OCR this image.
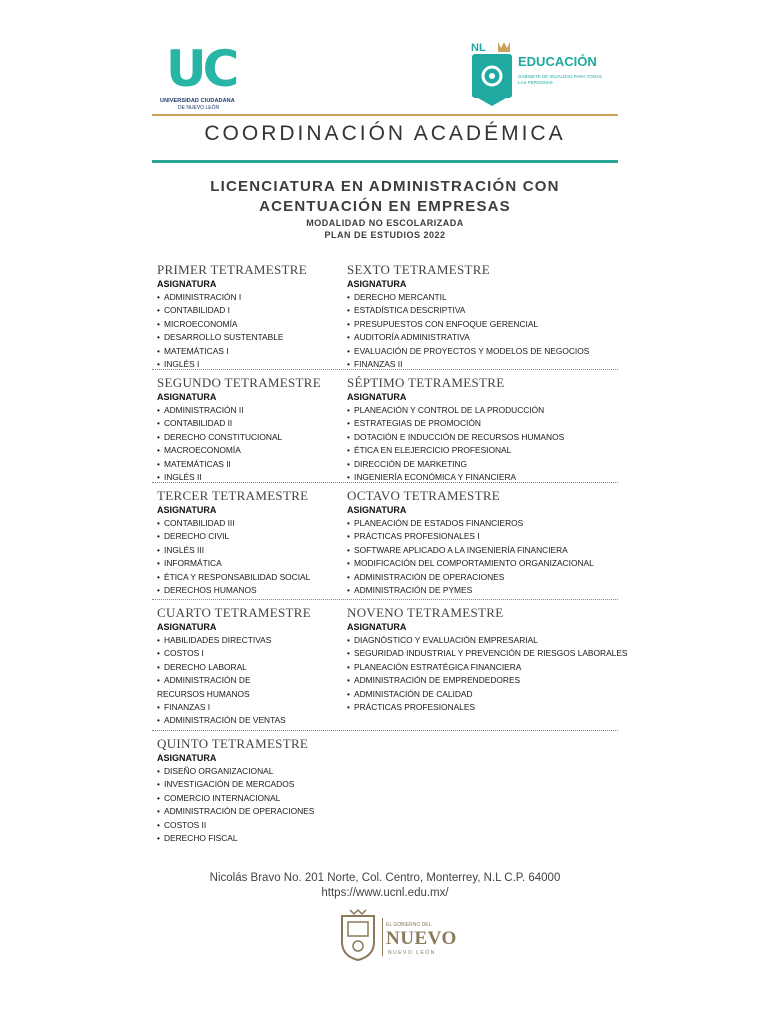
UC
UNIVERSIDAD CIUDADANA
DE NUEVO LEÓN
NL
EDUCACIÓN
GABINETE DE IGUALDAD PARA TODAS LAS PERSONAS
COORDINACIÓN ACADÉMICA
LICENCIATURA EN ADMINISTRACIÓN CON
ACENTUACIÓN EN EMPRESAS
MODALIDAD NO ESCOLARIZADA
PLAN DE ESTUDIOS 2022
PRIMER TETRAMESTRE
ASIGNATURA
• ADMINISTRACIÓN I
• CONTABILIDAD I
• MICROECONOMÍA
• DESARROLLO SUSTENTABLE
• MATEMÁTICAS I
• INGLÉS I
SEXTO TETRAMESTRE
ASIGNATURA
• DERECHO MERCANTIL
• ESTADÍSTICA DESCRIPTIVA
• PRESUPUESTOS CON ENFOQUE GERENCIAL
• AUDITORÍA ADMINISTRATIVA
• EVALUACIÓN DE PROYECTOS Y MODELOS DE NEGOCIOS
• FINANZAS II
SEGUNDO TETRAMESTRE
ASIGNATURA
• ADMINISTRACIÓN II
• CONTABILIDAD II
• DERECHO CONSTITUCIONAL
• MACROECONOMÍA
• MATEMÁTICAS II
• INGLÉS II
SÉPTIMO TETRAMESTRE
ASIGNATURA
• PLANEACIÓN Y CONTROL DE LA PRODUCCIÓN
• ESTRATEGIAS DE PROMOCIÓN
• DOTACIÓN E INDUCCIÓN DE RECURSOS HUMANOS
• ÉTICA EN ELEJERCICIO PROFESIONAL
• DIRECCIÓN DE MARKETING
• INGENIERÍA ECONÓMICA Y FINANCIERA
TERCER TETRAMESTRE
ASIGNATURA
• CONTABILIDAD III
• DERECHO CIVIL
• INGLÉS III
• INFORMÁTICA
• ÉTICA Y RESPONSABILIDAD SOCIAL
• DERECHOS HUMANOS
OCTAVO TETRAMESTRE
ASIGNATURA
• PLANEACIÓN DE ESTADOS FINANCIEROS
• PRÁCTICAS PROFESIONALES I
• SOFTWARE APLICADO A LA INGENIERÍA FINANCIERA
• MODIFICACIÓN DEL COMPORTAMIENTO ORGANIZACIONAL
• ADMINISTRACIÓN DE OPERACIONES
• ADMINISTRACIÓN DE PYMES
CUARTO TETRAMESTRE
ASIGNATURA
• HABILIDADES DIRECTIVAS
• COSTOS I
• DERECHO LABORAL
• ADMINISTRACIÓN DE
RECURSOS HUMANOS
• FINANZAS I
• ADMINISTRACIÓN DE VENTAS
NOVENO TETRAMESTRE
ASIGNATURA
• DIAGNÓSTICO Y EVALUACIÓN EMPRESARIAL
• SEGURIDAD INDUSTRIAL Y PREVENCIÓN DE RIESGOS LABORALES
• PLANEACIÓN ESTRATÉGICA FINANCIERA
• ADMINISTRACIÓN DE EMPRENDEDORES
• ADMINISTACIÓN DE CALIDAD
• PRÁCTICAS PROFESIONALES
QUINTO TETRAMESTRE
ASIGNATURA
• DISEÑO ORGANIZACIONAL
• INVESTIGACIÓN DE MERCADOS
• COMERCIO INTERNACIONAL
• ADMINISTRACIÓN DE OPERACIONES
• COSTOS II
• DERECHO FISCAL
Nicolás Bravo No. 201 Norte, Col. Centro, Monterrey, N.L C.P. 64000
https://www.ucnl.edu.mx/
EL GOBIERNO DEL
NUEVO
NUEVO LEÓN
